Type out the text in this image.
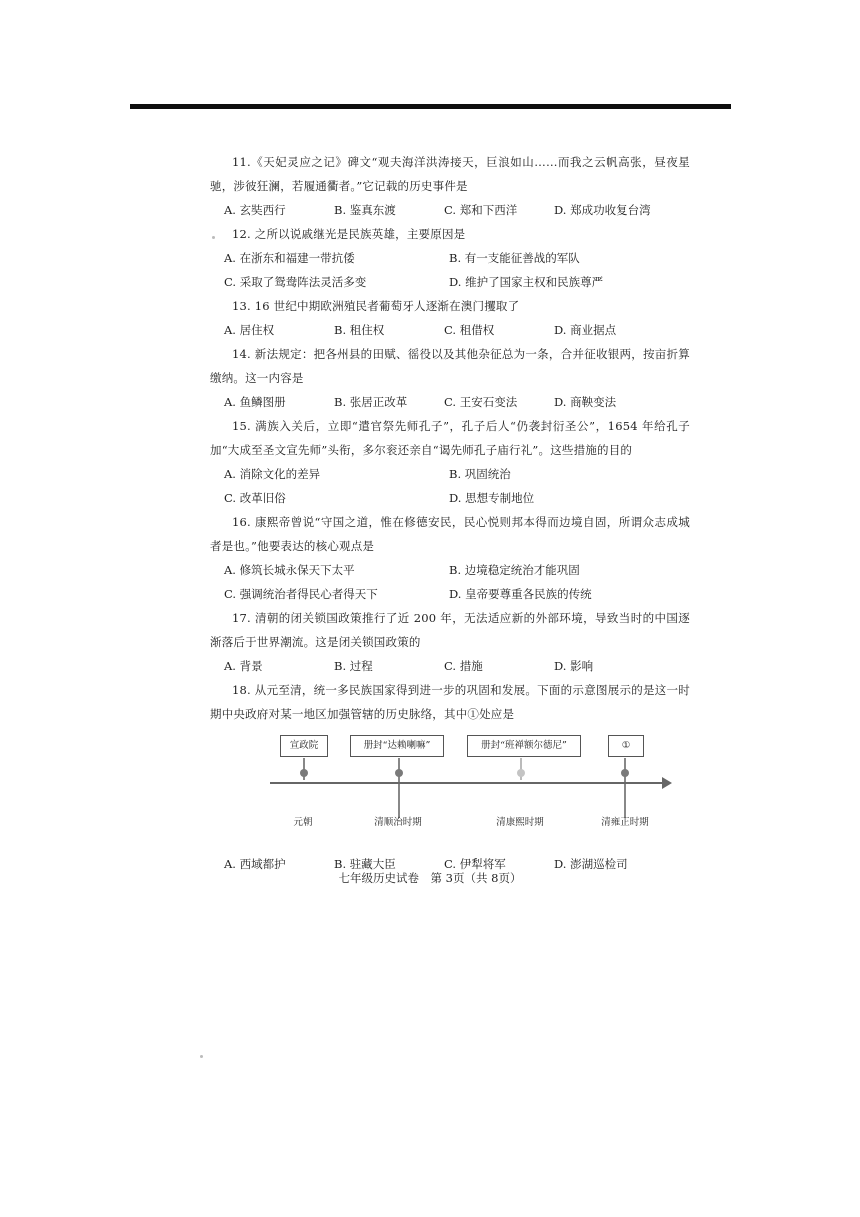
11.《天妃灵应之记》碑文“观夫海洋洪涛接天，巨浪如山……而我之云帆高张，昼夜星驰，涉彼狂澜，若履通衢者。”它记载的历史事件是
A. 玄奘西行	B. 鉴真东渡	C. 郑和下西洋	D. 郑成功收复台湾
12. 之所以说戚继光是民族英雄，主要原因是
A. 在浙东和福建一带抗倭	B. 有一支能征善战的军队
C. 采取了鸳鸯阵法灵活多变	D. 维护了国家主权和民族尊严
13. 16 世纪中期欧洲殖民者葡萄牙人逐渐在澳门攫取了
A. 居住权	B. 租住权	C. 租借权	D. 商业据点
14. 新法规定：把各州县的田赋、徭役以及其他杂征总为一条，合并征收银两，按亩折算缴纳。这一内容是
A. 鱼鳞图册	B. 张居正改革	C. 王安石变法	D. 商鞅变法
15. 满族入关后，立即“遣官祭先师孔子”，孔子后人“仍袭封衍圣公”，1654 年给孔子加“大成至圣文宣先师”头衔，多尔衮还亲自“谒先师孔子庙行礼”。这些措施的目的
A. 消除文化的差异	B. 巩固统治
C. 改革旧俗	D. 思想专制地位
16. 康熙帝曾说“守国之道，惟在修德安民，民心悦则邦本得而边境自固，所谓众志成城者是也。”他要表达的核心观点是
A. 修筑长城永保天下太平	B. 边境稳定统治才能巩固
C. 强调统治者得民心者得天下	D. 皇帝要尊重各民族的传统
17. 清朝的闭关锁国政策推行了近 200 年，无法适应新的外部环境，导致当时的中国逐渐落后于世界潮流。这是闭关锁国政策的
A. 背景	B. 过程	C. 措施	D. 影响
18. 从元至清，统一多民族国家得到进一步的巩固和发展。下面的示意图展示的是这一时期中央政府对某一地区加强管辖的历史脉络，其中①处应是
宣政院	册封“达赖喇嘛”	册封“班禅额尔德尼”	①
元朝	清顺治时期	清康熙时期	清雍正时期
A. 西域都护	B. 驻藏大臣	C. 伊犁将军	D. 澎湖巡检司
七年级历史试卷　第 3页（共 8页）
